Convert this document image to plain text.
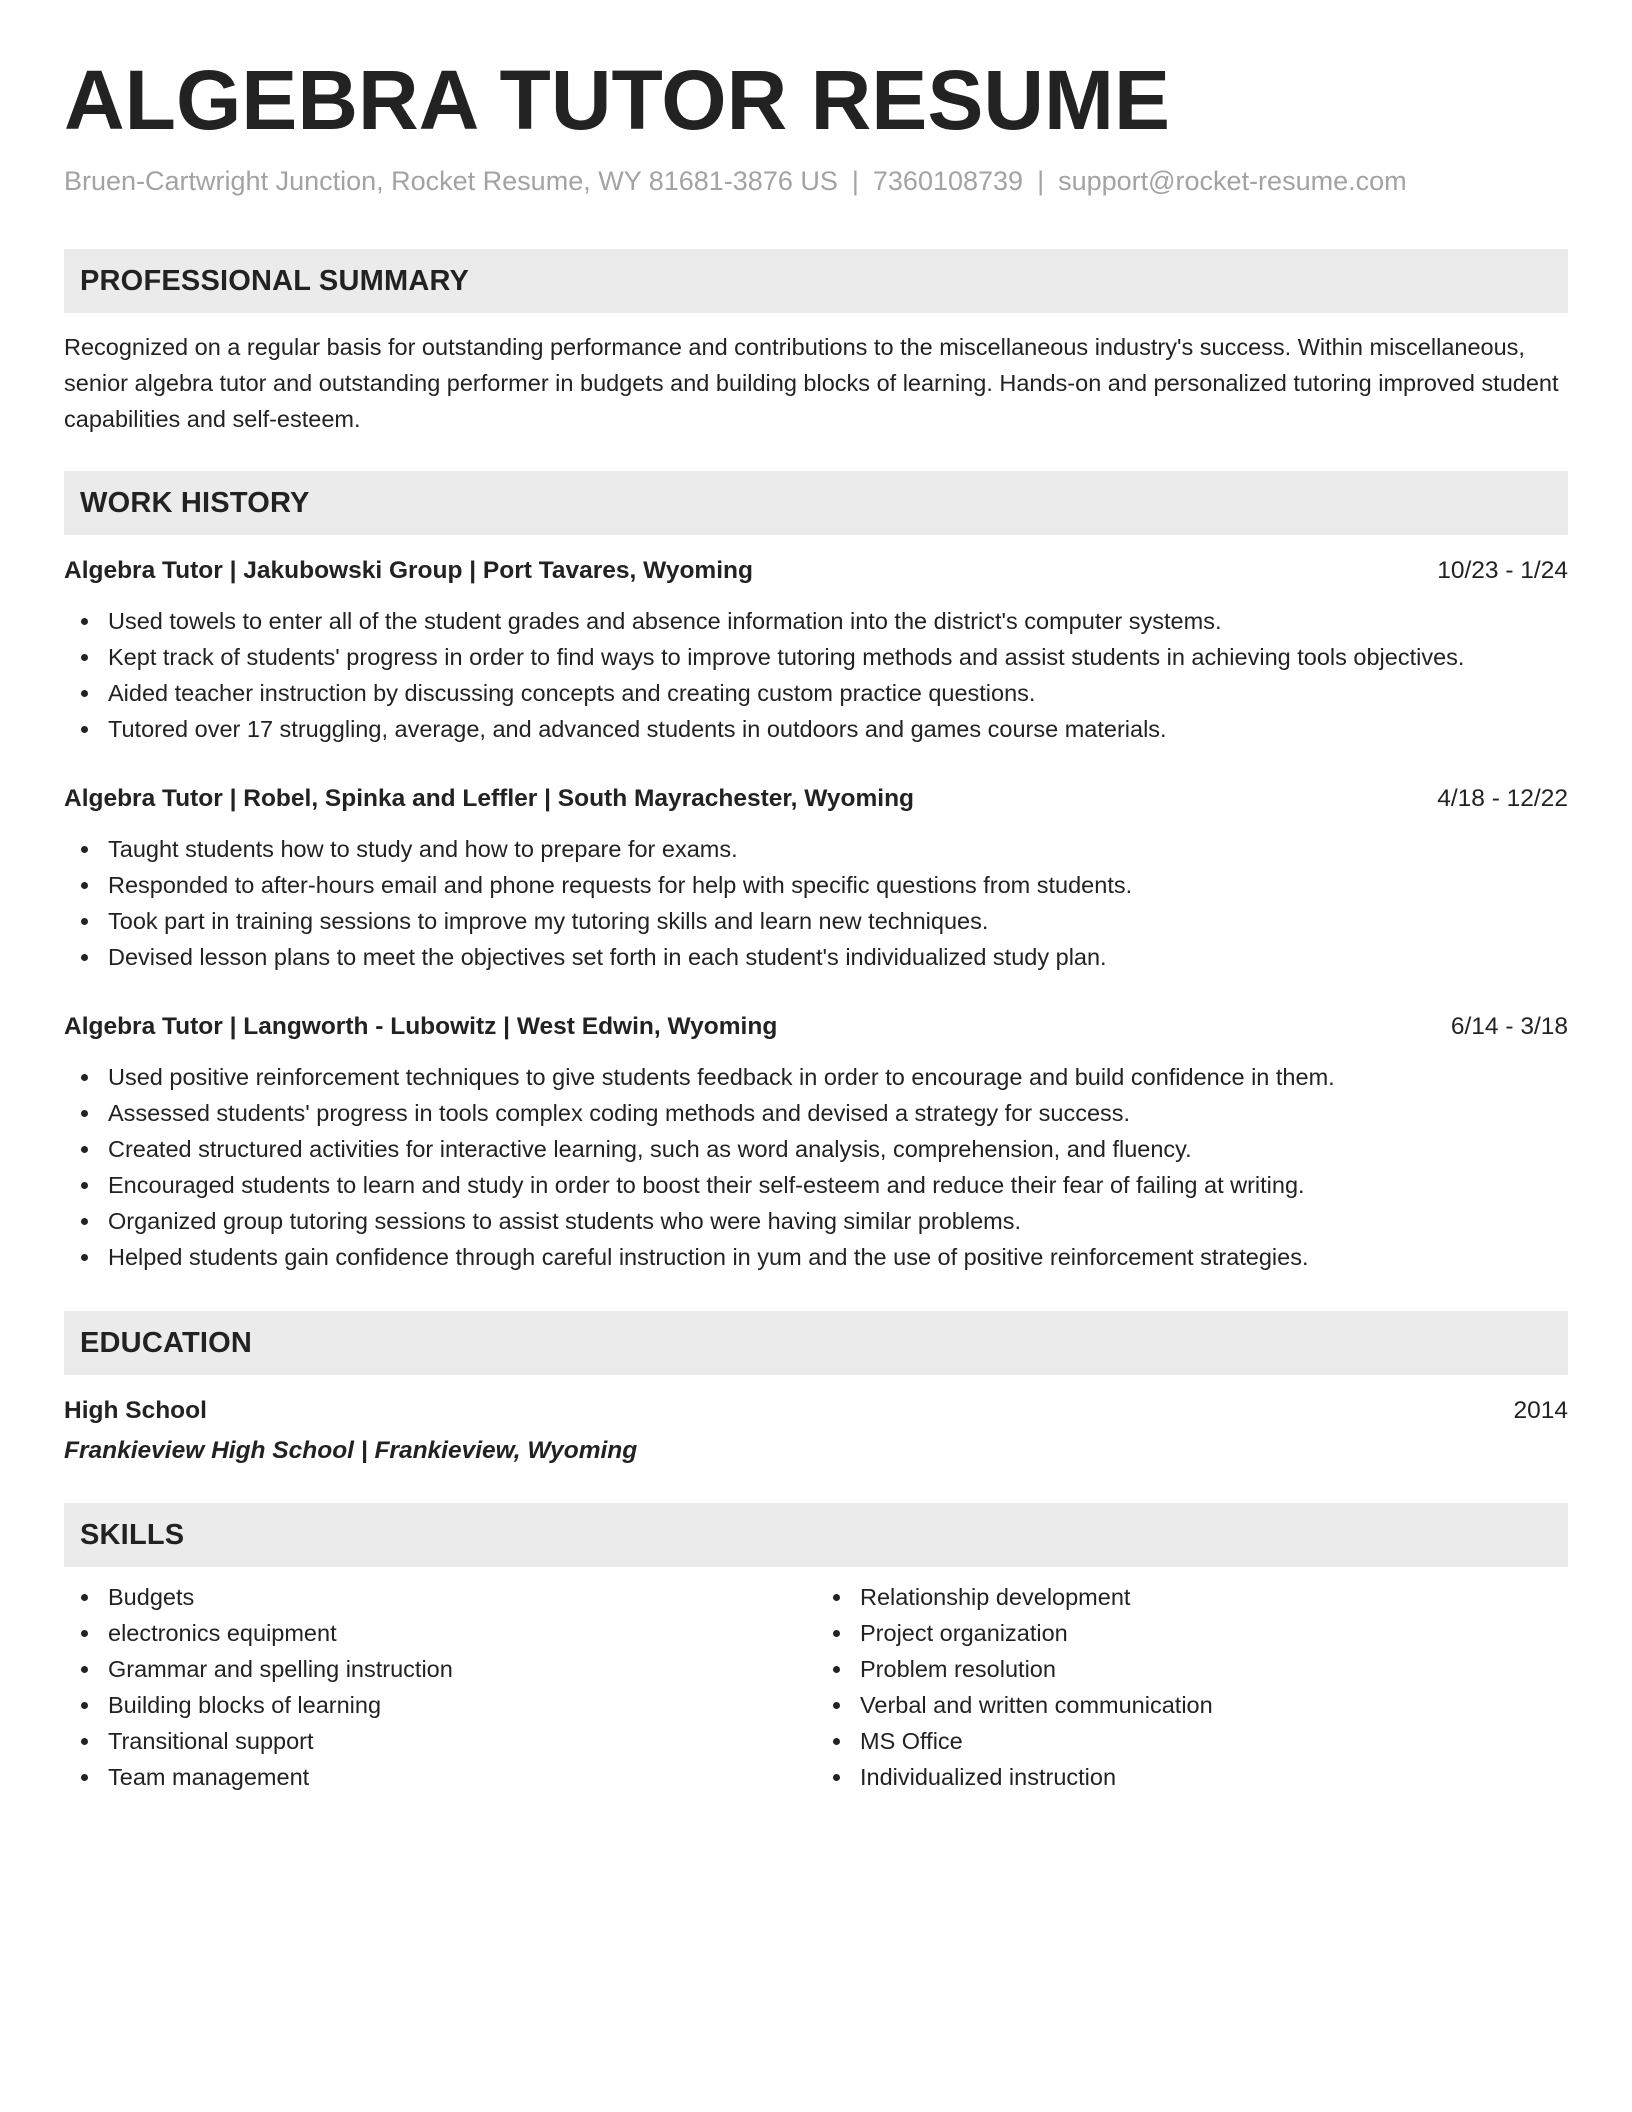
ALGEBRA TUTOR RESUME
Bruen-Cartwright Junction, Rocket Resume, WY 81681-3876 US | 7360108739 | support@rocket-resume.com
PROFESSIONAL SUMMARY

Recognized on a regular basis for outstanding performance and contributions to the miscellaneous industry's success. Within miscellaneous, senior algebra tutor and outstanding performer in budgets and building blocks of learning. Hands-on and personalized tutoring improved student capabilities and self-esteem.

WORK HISTORY
Algebra Tutor | Jakubowski Group | Port Tavares, Wyoming	10/23 - 1/24
Used towels to enter all of the student grades and absence information into the district's computer systems.
Kept track of students' progress in order to find ways to improve tutoring methods and assist students in achieving tools objectives.
Aided teacher instruction by discussing concepts and creating custom practice questions.
Tutored over 17 struggling, average, and advanced students in outdoors and games course materials.
Algebra Tutor | Robel, Spinka and Leffler | South Mayrachester, Wyoming	4/18 - 12/22
Taught students how to study and how to prepare for exams.
Responded to after-hours email and phone requests for help with specific questions from students.
Took part in training sessions to improve my tutoring skills and learn new techniques.
Devised lesson plans to meet the objectives set forth in each student's individualized study plan.
Algebra Tutor | Langworth - Lubowitz | West Edwin, Wyoming	6/14 - 3/18
Used positive reinforcement techniques to give students feedback in order to encourage and build confidence in them.
Assessed students' progress in tools complex coding methods and devised a strategy for success.
Created structured activities for interactive learning, such as word analysis, comprehension, and fluency.
Encouraged students to learn and study in order to boost their self-esteem and reduce their fear of failing at writing.
Organized group tutoring sessions to assist students who were having similar problems.
Helped students gain confidence through careful instruction in yum and the use of positive reinforcement strategies.
EDUCATION
High School	2014
Frankieview High School | Frankieview, Wyoming
SKILLS
Budgets
electronics equipment
Grammar and spelling instruction
Building blocks of learning
Transitional support
Team management
Relationship development
Project organization
Problem resolution
Verbal and written communication
MS Office
Individualized instruction
